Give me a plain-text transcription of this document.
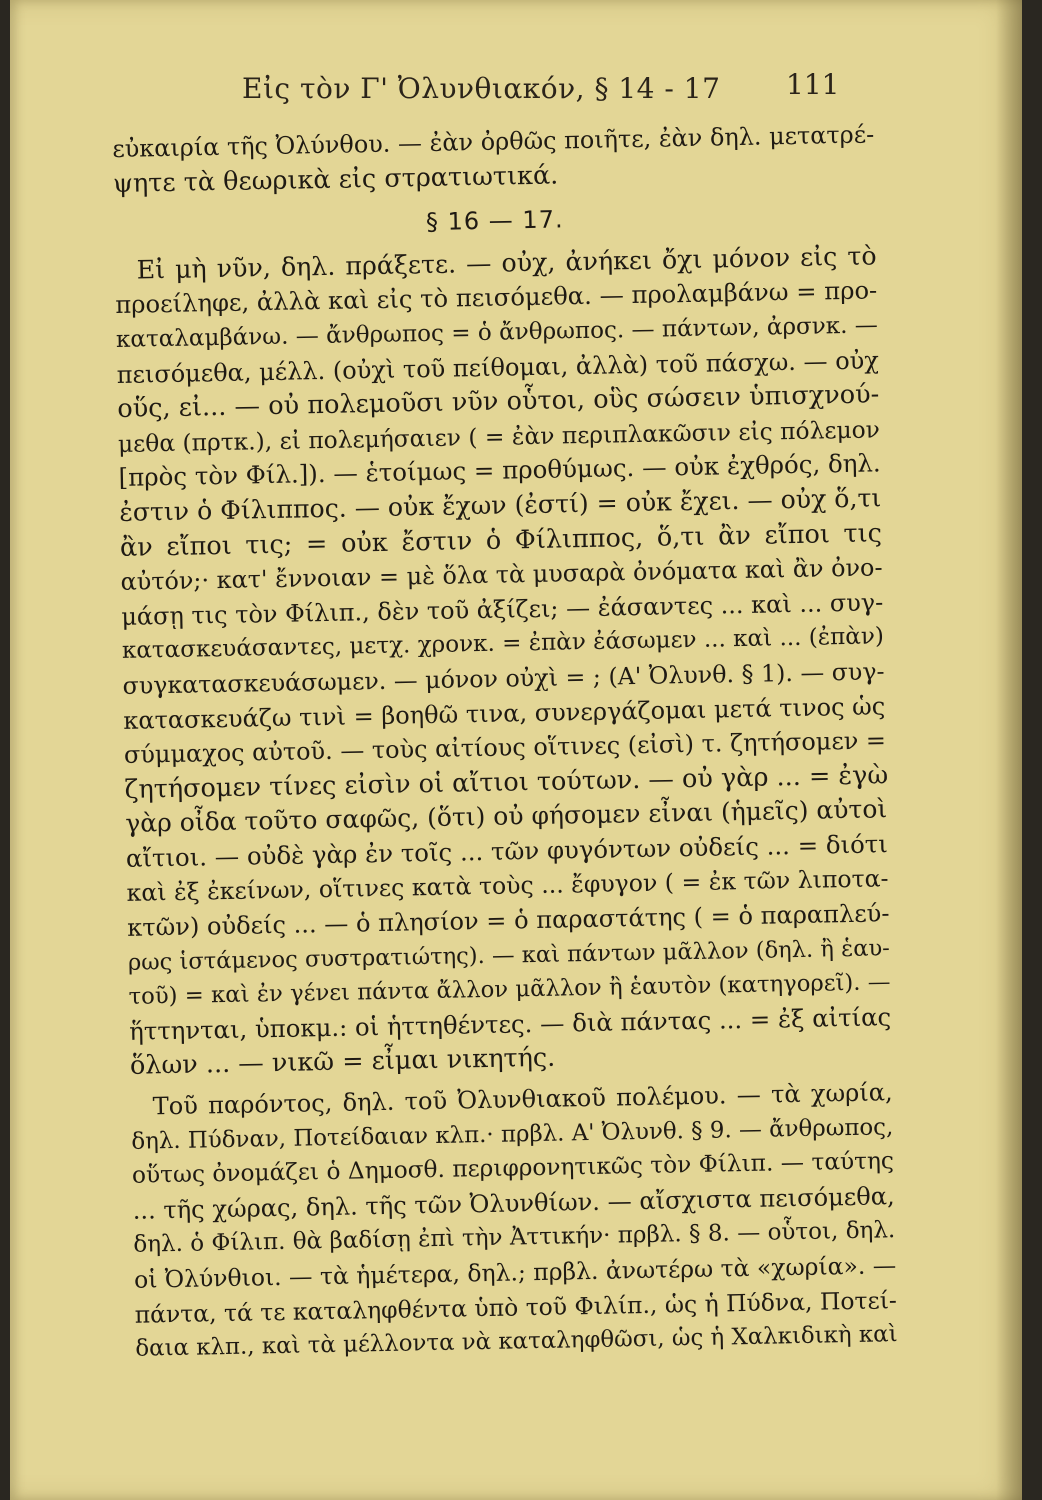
Εἰς τὸν Γ' Ὀλυνθιακόν, § 14 - 17 111
εὐκαιρία τῆς Ὀλύνθου. — ἐὰν ὀρθῶς ποιῆτε, ἐὰν δηλ. μετατρέ-
ψητε τὰ θεωρικὰ εἰς στρατιωτικά.
§ 16 — 17.
Εἰ μὴ νῦν, δηλ. πράξετε. — οὐχ, ἀνήκει ὄχι μόνον εἰς τὸ
προείληφε, ἀλλὰ καὶ εἰς τὸ πεισόμεθα. — προλαμβάνω = προ-
καταλαμβάνω. — ἄνθρωπος = ὁ ἄνθρωπος. — πάντων, ἀρσνκ. —
πεισόμεθα, μέλλ. (οὐχὶ τοῦ πείθομαι, ἀλλὰ) τοῦ πάσχω. — οὐχ
οὕς, εἰ... — οὐ πολεμοῦσι νῦν οὗτοι, οὓς σώσειν ὑπισχνού-
μεθα (πρτκ.), εἰ πολεμήσαιεν ( = ἐὰν περιπλακῶσιν εἰς πόλεμον
[πρὸς τὸν Φίλ.]). — ἑτοίμως = προθύμως. — οὐκ ἐχθρός, δηλ.
ἐστιν ὁ Φίλιππος. — οὐκ ἔχων (ἐστί) = οὐκ ἔχει. — οὐχ ὅ,τι
ἂν εἴποι τις; = οὐκ ἔστιν ὁ Φίλιππος, ὅ,τι ἂν εἴποι τις
αὐτόν;· κατ' ἔννοιαν = μὲ ὅλα τὰ μυσαρὰ ὀνόματα καὶ ἂν ὀνο-
μάσῃ τις τὸν Φίλιπ., δὲν τοῦ ἀξίζει; — ἐάσαντες ... καὶ ... συγ-
κατασκευάσαντες, μετχ. χρονκ. = ἐπὰν ἐάσωμεν ... καὶ ... (ἐπὰν)
συγκατασκευάσωμεν. — μόνον οὐχὶ = ; (Α' Ὀλυνθ. § 1). — συγ-
κατασκευάζω τινὶ = βοηθῶ τινα, συνεργάζομαι μετά τινος ὡς
σύμμαχος αὐτοῦ. — τοὺς αἰτίους οἵτινες (εἰσὶ) τ. ζητήσομεν =
ζητήσομεν τίνες εἰσὶν οἱ αἴτιοι τούτων. — οὐ γὰρ ... = ἐγὼ
γὰρ οἶδα τοῦτο σαφῶς, (ὅτι) οὐ φήσομεν εἶναι (ἡμεῖς) αὐτοὶ
αἴτιοι. — οὐδὲ γὰρ ἐν τοῖς ... τῶν φυγόντων οὐδείς ... = διότι
καὶ ἐξ ἐκείνων, οἵτινες κατὰ τοὺς ... ἔφυγον ( = ἐκ τῶν λιποτα-
κτῶν) οὐδείς ... — ὁ πλησίον = ὁ παραστάτης ( = ὁ παραπλεύ-
ρως ἱστάμενος συστρατιώτης). — καὶ πάντων μᾶλλον (δηλ. ἢ ἑαυ-
τοῦ) = καὶ ἐν γένει πάντα ἄλλον μᾶλλον ἢ ἑαυτὸν (κατηγορεῖ). —
ἥττηνται, ὑποκμ.: οἱ ἡττηθέντες. — διὰ πάντας ... = ἐξ αἰτίας
ὅλων ... — νικῶ = εἶμαι νικητής.
Τοῦ παρόντος, δηλ. τοῦ Ὀλυνθιακοῦ πολέμου. — τὰ χωρία,
δηλ. Πύδναν, Ποτείδαιαν κλπ.· πρβλ. Α' Ὀλυνθ. § 9. — ἄνθρωπος,
οὕτως ὀνομάζει ὁ Δημοσθ. περιφρονητικῶς τὸν Φίλιπ. — ταύτης
... τῆς χώρας, δηλ. τῆς τῶν Ὀλυνθίων. — αἴσχιστα πεισόμεθα,
δηλ. ὁ Φίλιπ. θὰ βαδίσῃ ἐπὶ τὴν Ἀττικήν· πρβλ. § 8. — οὗτοι, δηλ.
οἱ Ὀλύνθιοι. — τὰ ἡμέτερα, δηλ.; πρβλ. ἀνωτέρω τὰ «χωρία». —
πάντα, τά τε καταληφθέντα ὑπὸ τοῦ Φιλίπ., ὡς ἡ Πύδνα, Ποτεί-
δαια κλπ., καὶ τὰ μέλλοντα νὰ καταληφθῶσι, ὡς ἡ Χαλκιδικὴ καὶ
